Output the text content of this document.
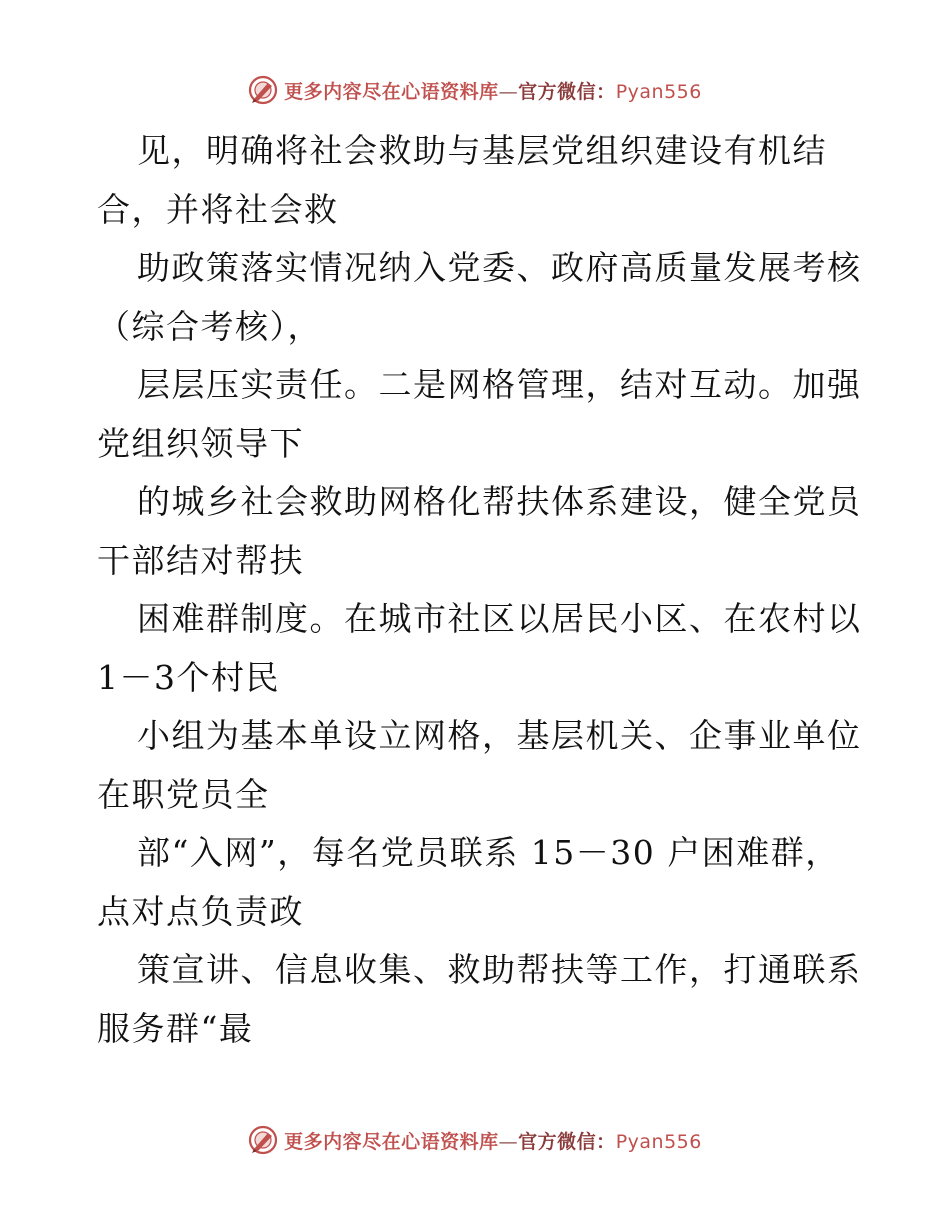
更多内容尽在心语资料库—官方微信：Pyan556
见，明确将社会救助与基层党组织建设有机结
合，并将社会救
助政策落实情况纳入党委、政府高质量发展考核
（综合考核），
层层压实责任。二是网格管理，结对互动。加强
党组织领导下
的城乡社会救助网格化帮扶体系建设，健全党员
干部结对帮扶
困难群制度。在城市社区以居民小区、在农村以
1－3个村民
小组为基本单设立网格，基层机关、企事业单位
在职党员全
部“入网”，每名党员联系 15－30 户困难群，
点对点负责政
策宣讲、信息收集、救助帮扶等工作，打通联系
服务群“最
更多内容尽在心语资料库—官方微信：Pyan556
